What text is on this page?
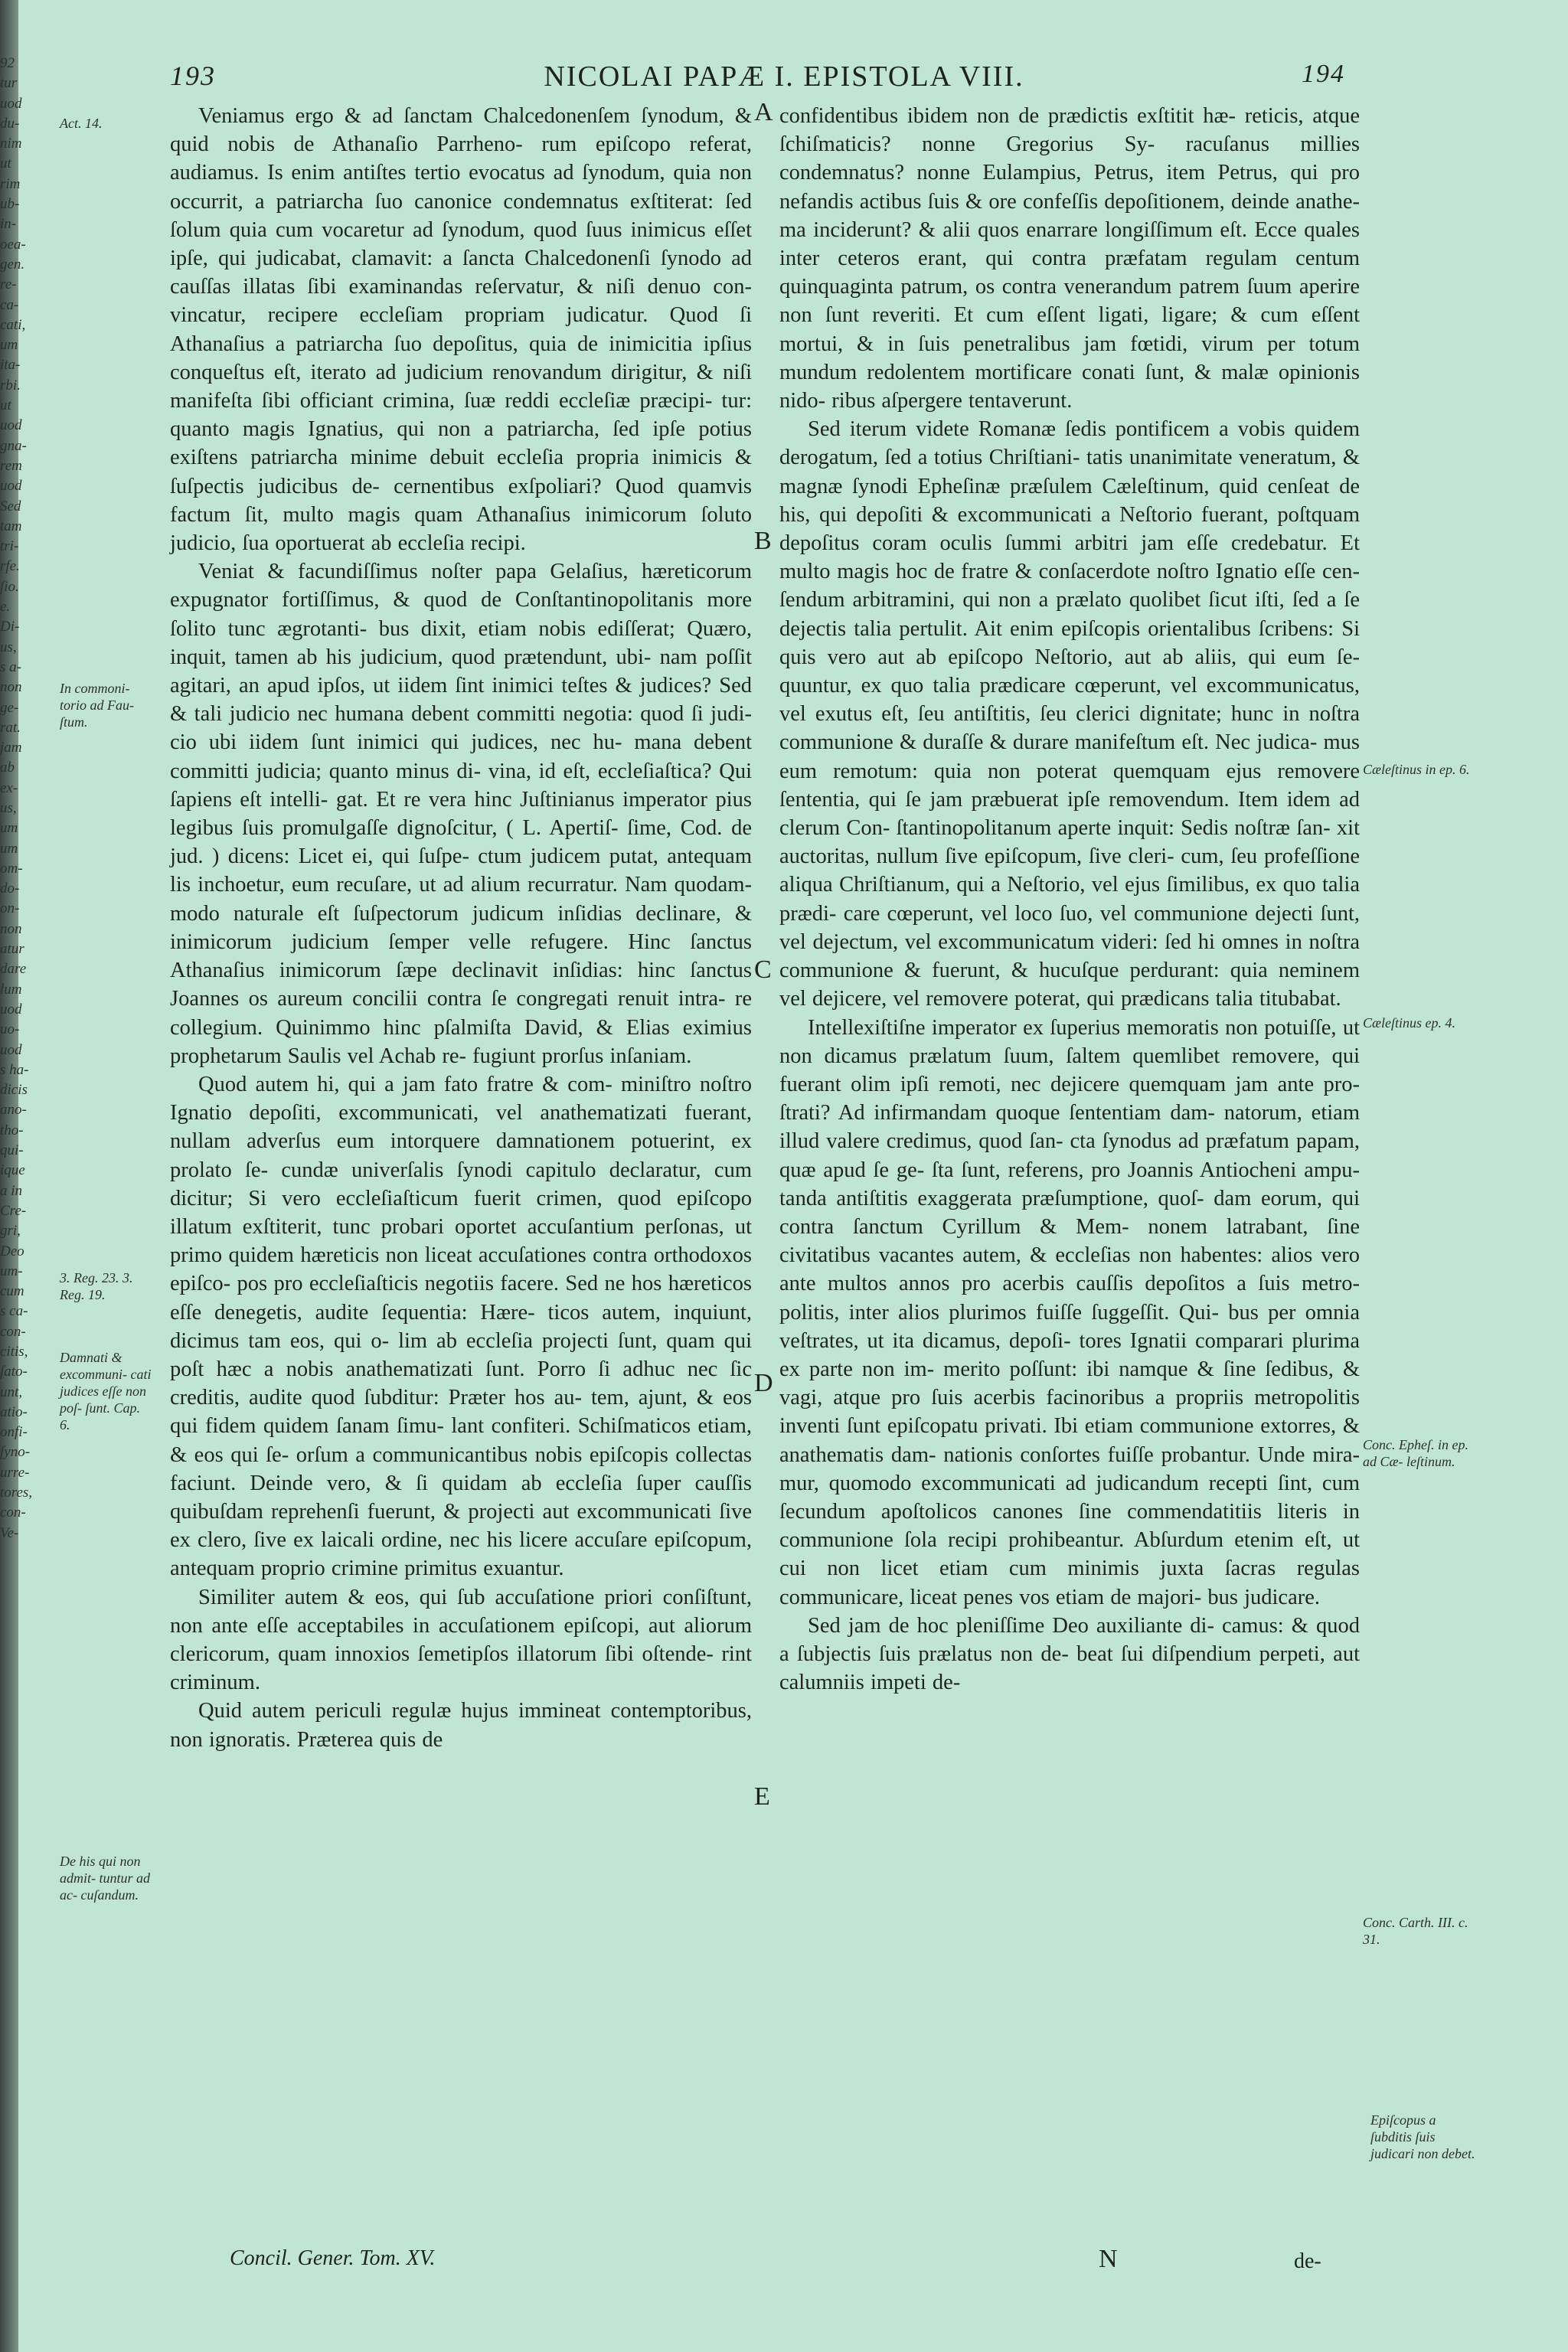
92
tur
uod
du-
nim
ut
rim
ub-
in-
oea-
gen.
re-
ca-
cati,
um
ita-
rbi.
ut
uod
gna-
rem
uod
Sed
tam
tri-
rfe.
ſio.
e.
Di-
us,
s a-
non
ge-
rat.
jam
ab
ex-
us,
um
um
om-
do-
on-
non
atur
dare
lum
uod
uo-
uod
s ha-
dicis
ano-
tho-
qui-
ique
a in
Cre-
gri,
Deo
um-
cum
s ca-
con-
citis,
ſato-
unt,
atio-
onfi-
ſyno-
urre-
tores,
con-
Ve-
193	NICOLAI PAPÆ I. EPISTOLA VIII.	194

Veniamus ergo & ad ſanctam Chalcedonenſem ſynodum, & quid nobis de Athanaſio Parrheno- rum epiſcopo referat, audiamus. Is enim antiſtes tertio evocatus ad ſynodum, quia non occurrit, a patriarcha ſuo canonice condemnatus exſtiterat: ſed ſolum quia cum vocaretur ad ſynodum, quod ſuus inimicus eſſet ipſe, qui judicabat, clamavit: a ſancta Chalcedonenſi ſynodo ad cauſſas illatas ſibi examinandas reſervatur, & niſi denuo con- vincatur, recipere eccleſiam propriam judicatur. Quod ſi Athanaſius a patriarcha ſuo depoſitus, quia de inimicitia ipſius conqueſtus eſt, iterato ad judicium renovandum dirigitur, & niſi manifeſta ſibi officiant crimina, ſuæ reddi eccleſiæ præcipi- tur: quanto magis Ignatius, qui non a patriarcha, ſed ipſe potius exiſtens patriarcha minime debuit eccleſia propria inimicis & ſuſpectis judicibus de- cernentibus exſpoliari? Quod quamvis factum ſit, multo magis quam Athanaſius inimicorum ſoluto judicio, ſua oportuerat ab eccleſia recipi.

Veniat & facundiſſimus noſter papa Gelaſius, hæreticorum expugnator fortiſſimus, & quod de Conſtantinopolitanis more ſolito tunc ægrotanti- bus dixit, etiam nobis ediſſerat; Quæro, inquit, tamen ab his judicium, quod prætendunt, ubi- nam poſſit agitari, an apud ipſos, ut iidem ſint inimici teſtes & judices? Sed & tali judicio nec humana debent committi negotia: quod ſi judi- cio ubi iidem ſunt inimici qui judices, nec hu- mana debent committi judicia; quanto minus di- vina, id eſt, eccleſiaſtica? Qui ſapiens eſt intelli- gat. Et re vera hinc Juſtinianus imperator pius legibus ſuis promulgaſſe dignoſcitur, ( L. Apertiſ- ſime, Cod. de jud. ) dicens: Licet ei, qui ſuſpe- ctum judicem putat, antequam lis inchoetur, eum recuſare, ut ad alium recurratur. Nam quodam- modo naturale eſt ſuſpectorum judicum inſidias declinare, & inimicorum judicium ſemper velle refugere. Hinc ſanctus Athanaſius inimicorum ſæpe declinavit inſidias: hinc ſanctus Joannes os aureum concilii contra ſe congregati renuit intra- re collegium. Quinimmo hinc pſalmiſta David, & Elias eximius prophetarum Saulis vel Achab re- fugiunt prorſus inſaniam.

Quod autem hi, qui a jam fato fratre & com- miniſtro noſtro Ignatio depoſiti, excommunicati, vel anathematizati fuerant, nullam adverſus eum intorquere damnationem potuerint, ex prolato ſe- cundæ univerſalis ſynodi capitulo declaratur, cum dicitur; Si vero eccleſiaſticum fuerit crimen, quod epiſcopo illatum exſtiterit, tunc probari oportet accuſantium perſonas, ut primo quidem hæreticis non liceat accuſationes contra orthodoxos epiſco- pos pro eccleſiaſticis negotiis facere. Sed ne hos hæreticos eſſe denegetis, audite ſequentia: Hære- ticos autem, inquiunt, dicimus tam eos, qui o- lim ab eccleſia projecti ſunt, quam qui poſt hæc a nobis anathematizati ſunt. Porro ſi adhuc nec ſic creditis, audite quod ſubditur: Præter hos au- tem, ajunt, & eos qui fidem quidem ſanam ſimu- lant confiteri. Schiſmaticos etiam, & eos qui ſe- orſum a communicantibus nobis epiſcopis collectas faciunt. Deinde vero, & ſi quidam ab eccleſia ſuper cauſſis quibuſdam reprehenſi fuerunt, & projecti aut excommunicati ſive ex clero, ſive ex laicali ordine, nec his licere accuſare epiſcopum, antequam proprio crimine primitus exuantur.

Similiter autem & eos, qui ſub accuſatione priori conſiſtunt, non ante eſſe acceptabiles in accuſationem epiſcopi, aut aliorum clericorum, quam innoxios ſemetipſos illatorum ſibi oſtende- rint criminum.

Quid autem periculi regulæ hujus immineat contemptoribus, non ignoratis. Præterea quis de

confidentibus ibidem non de prædictis exſtitit hæ- reticis, atque ſchiſmaticis? nonne Gregorius Sy- racuſanus millies condemnatus? nonne Eulampius, Petrus, item Petrus, qui pro nefandis actibus ſuis & ore confeſſis depoſitionem, deinde anathe- ma inciderunt? & alii quos enarrare longiſſimum eſt. Ecce quales inter ceteros erant, qui contra præfatam regulam centum quinquaginta patrum, os contra venerandum patrem ſuum aperire non ſunt reveriti. Et cum eſſent ligati, ligare; & cum eſſent mortui, & in ſuis penetralibus jam fœtidi, virum per totum mundum redolentem mortificare conati ſunt, & malæ opinionis nido- ribus aſpergere tentaverunt.

Sed iterum videte Romanæ ſedis pontificem a vobis quidem derogatum, ſed a totius Chriſtiani- tatis unanimitate veneratum, & magnæ ſynodi Epheſinæ præſulem Cæleſtinum, quid cenſeat de his, qui depoſiti & excommunicati a Neſtorio fuerant, poſtquam depoſitus coram oculis ſummi arbitri jam eſſe credebatur. Et multo magis hoc de fratre & conſacerdote noſtro Ignatio eſſe cen- ſendum arbitramini, qui non a prælato quolibet ſicut iſti, ſed a ſe dejectis talia pertulit. Ait enim epiſcopis orientalibus ſcribens: Si quis vero aut ab epiſcopo Neſtorio, aut ab aliis, qui eum ſe- quuntur, ex quo talia prædicare cœperunt, vel excommunicatus, vel exutus eſt, ſeu antiſtitis, ſeu clerici dignitate; hunc in noſtra communione & duraſſe & durare manifeſtum eſt. Nec judica- mus eum remotum: quia non poterat quemquam ejus removere ſententia, qui ſe jam præbuerat ipſe removendum. Item idem ad clerum Con- ſtantinopolitanum aperte inquit: Sedis noſtræ ſan- xit auctoritas, nullum ſive epiſcopum, ſive cleri- cum, ſeu profeſſione aliqua Chriſtianum, qui a Neſtorio, vel ejus ſimilibus, ex quo talia prædi- care cœperunt, vel loco ſuo, vel communione dejecti ſunt, vel dejectum, vel excommunicatum videri: ſed hi omnes in noſtra communione & fuerunt, & hucuſque perdurant: quia neminem vel dejicere, vel removere poterat, qui prædicans talia titubabat.

Intellexiſtiſne imperator ex ſuperius memoratis non potuiſſe, ut non dicamus prælatum ſuum, ſaltem quemlibet removere, qui fuerant olim ipſi remoti, nec dejicere quemquam jam ante pro- ſtrati? Ad infirmandam quoque ſententiam dam- natorum, etiam illud valere credimus, quod ſan- cta ſynodus ad præfatum papam, quæ apud ſe ge- ſta ſunt, referens, pro Joannis Antiocheni ampu- tanda antiſtitis exaggerata præſumptione, quoſ- dam eorum, qui contra ſanctum Cyrillum & Mem- nonem latrabant, ſine civitatibus vacantes autem, & eccleſias non habentes: alios vero ante multos annos pro acerbis cauſſis depoſitos a ſuis metro- politis, inter alios plurimos fuiſſe ſuggeſſit. Qui- bus per omnia veſtrates, ut ita dicamus, depoſi- tores Ignatii comparari plurima ex parte non im- merito poſſunt: ibi namque & ſine ſedibus, & vagi, atque pro ſuis acerbis facinoribus a propriis metropolitis inventi ſunt epiſcopatu privati. Ibi etiam communione extorres, & anathematis dam- nationis conſortes fuiſſe probantur. Unde mira- mur, quomodo excommunicati ad judicandum recepti ſint, cum ſecundum apoſtolicos canones ſine commendatitiis literis in communione ſola recipi prohibeantur. Abſurdum etenim eſt, ut cui non licet etiam cum minimis juxta ſacras regulas communicare, liceat penes vos etiam de majori- bus judicare.

Sed jam de hoc pleniſſime Deo auxiliante di- camus: & quod a ſubjectis ſuis prælatus non de- beat ſui diſpendium perpeti, aut calumniis impeti de-

A
B
C
D
E
Act. 14.
In commoni- torio ad Fau- ſtum.
3. Reg. 23. 3. Reg. 19.
Damnati & excommuni- cati judices eſſe non poſ- ſunt. Cap. 6.
De his qui non admit- tuntur ad ac- cuſandum.
Cæleſtinus in ep. 6.
Cæleſtinus ep. 4.
Conc. Epheſ. in ep. ad Cæ- leſtinum.
Conc. Carth. III. c. 31.
Epiſcopus a ſubditis ſuis judicari non debet.
Concil. Gener. Tom. XV.	N	de-
